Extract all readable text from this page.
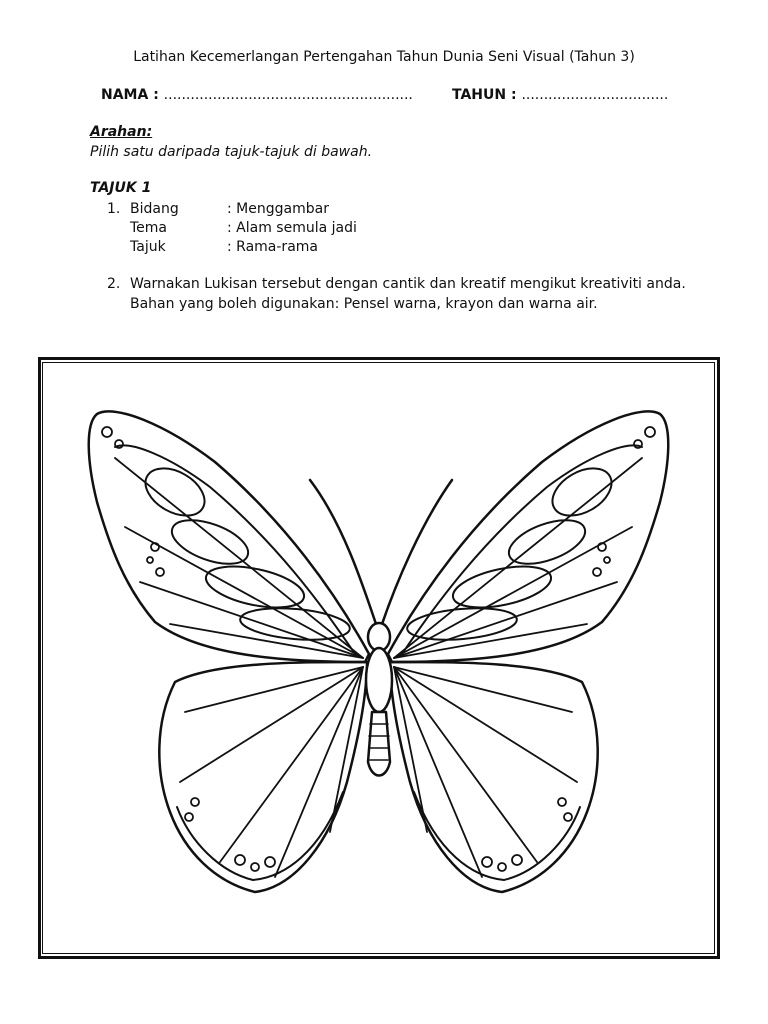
Latihan Kecemerlangan Pertengahan Tahun Dunia Seni Visual (Tahun 3)
NAMA : ........................................................	TAHUN : .................................
Arahan:
Pilih satu daripada tajuk-tajuk di bawah.
TAJUK 1
1. Bidang	: Menggambar
Tema	: Alam semula jadi
Tajuk	: Rama-rama
2. Warnakan Lukisan tersebut dengan cantik dan kreatif mengikut kreativiti anda. Bahan yang boleh digunakan: Pensel warna, krayon dan warna air.
